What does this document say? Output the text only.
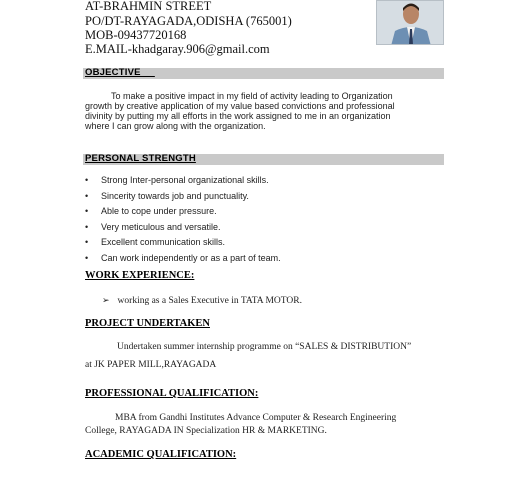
AT-BRAHMIN STREET
PO/DT-RAYAGADA,ODISHA (765001)
MOB-09437720168
E.MAIL-khadgaray.906@gmail.com
OBJECTIVE
To make a positive impact in my field of activity leading to Organization
growth by creative application of my value based convictions and professional
divinity by putting my all efforts in the work assigned to me in an organization
where I can grow along with the organization.
PERSONAL STRENGTH
• Strong Inter-personal organizational skills.
• Sincerity towards job and punctuality.
• Able to cope under pressure.
• Very meticulous and versatile.
• Excellent communication skills.
• Can work independently or as a part of team.
WORK EXPERIENCE:
➢ working as a Sales Executive in TATA MOTOR.
PROJECT UNDERTAKEN
Undertaken summer internship programme on “SALES & DISTRIBUTION”
at JK PAPER MILL,RAYAGADA
PROFESSIONAL QUALIFICATION:
MBA from Gandhi Institutes Advance Computer & Research Engineering
College, RAYAGADA IN Specialization HR & MARKETING.
ACADEMIC QUALIFICATION:
